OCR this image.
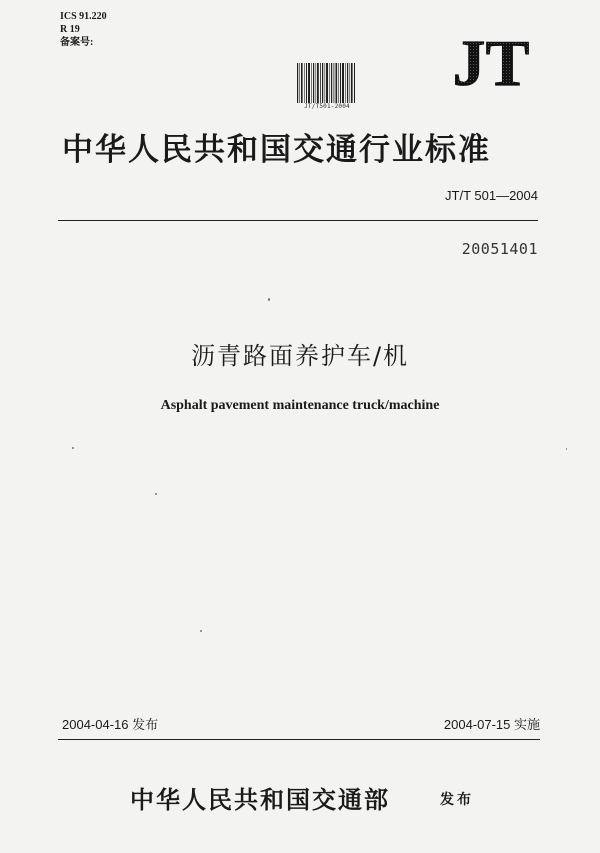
ICS 91.220
R 19
备案号:
JT/T501-2004
JT
中华人民共和国交通行业标准
JT/T 501—2004
20051401
沥青路面养护车/机
Asphalt pavement maintenance truck/machine
2004-04-16 发布	2004-07-15 实施
中华人民共和国交通部	发布
